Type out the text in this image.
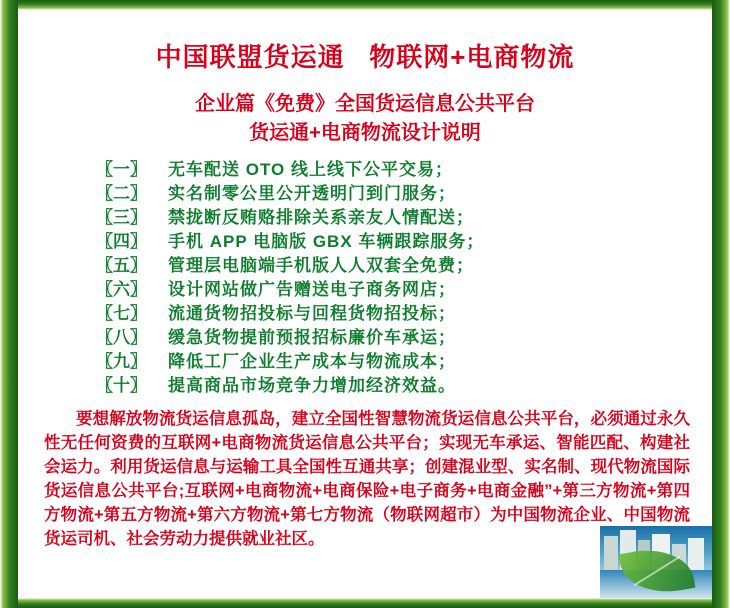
中国联盟货运通   物联网+电商物流
企业篇《免费》全国货运信息公共平台
货运通+电商物流设计说明
〖一〗	无车配送 OTO 线上线下公平交易；
〖二〗	实名制零公里公开透明门到门服务；
〖三〗	禁拢断反贿赂排除关系亲友人情配送；
〖四〗	手机 APP 电脑版 GBX 车辆跟踪服务；
〖五〗	管理层电脑端手机版人人双套全免费；
〖六〗	设计网站做广告赠送电子商务网店；
〖七〗	流通货物招投标与回程货物招投标；
〖八〗	缓急货物提前预报招标廉价车承运；
〖九〗	降低工厂企业生产成本与物流成本；
〖十〗	提高商品市场竞争力增加经济效益。
要想解放物流货运信息孤岛，建立全国性智慧物流货运信息公共平台，必须通过永久性无任何资费的互联网+电商物流货运信息公共平台；实现无车承运、智能匹配、构建社会运力。利用货运信息与运输工具全国性互通共享；创建混业型、实名制、现代物流国际货运信息公共平台;互联网+电商物流+电商保险+电子商务+电商金融”+第三方物流+第四方物流+第五方物流+第六方物流+第七方物流（物联网超市）为中国物流企业、中国物流货运司机、社会劳动力提供就业社区。
